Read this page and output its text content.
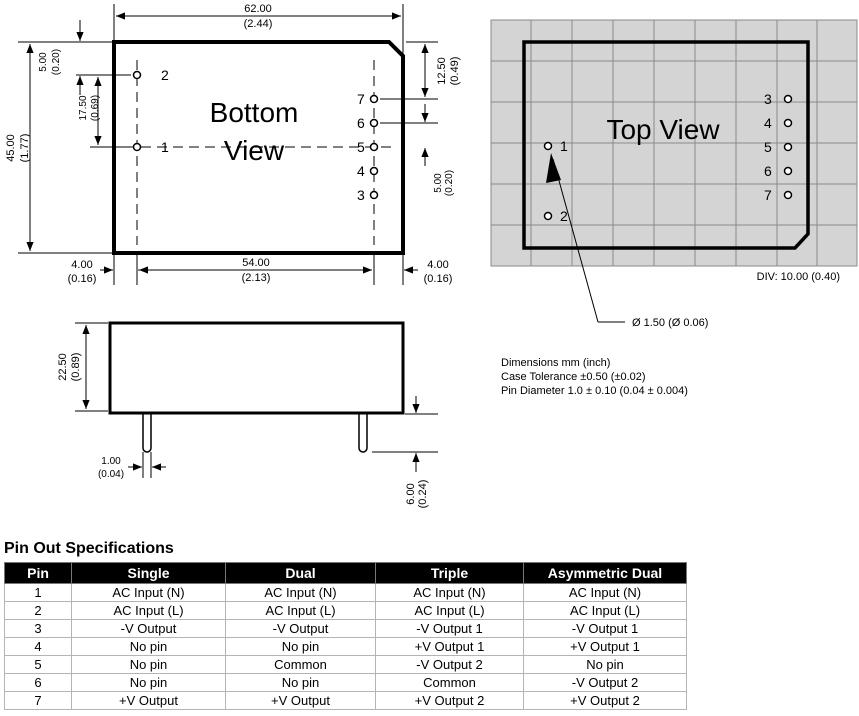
Bottom
View
2
1
7
6
5
4
3
62.00
(2.44)
45.00 (1.77)
5.00 (0.20)
17.50 (0.69)
12.50 (0.49)
5.00 (0.20)
54.00
(2.13)
4.00
(0.16)
4.00
(0.16)
22.50 (0.89)
1.00
(0.04)
6.00 (0.24)
Top View
1
2
3
4
5
6
7
DIV: 10.00 (0.40)
Ø 1.50 (Ø 0.06)
Dimensions mm (inch)
Case Tolerance ±0.50 (±0.02)
Pin Diameter 1.0 ± 0.10 (0.04 ± 0.004)
Pin Out Specifications
Pin	Single	Dual	Triple	Asymmetric Dual
1	AC Input (N)	AC Input (N)	AC Input (N)	AC Input (N)
2	AC Input (L)	AC Input (L)	AC Input (L)	AC Input (L)
3	-V Output	-V Output	-V Output 1	-V Output 1
4	No pin	No pin	+V Output 1	+V Output 1
5	No pin	Common	-V Output 2	No pin
6	No pin	No pin	Common	-V Output 2
7	+V Output	+V Output	+V Output 2	+V Output 2
